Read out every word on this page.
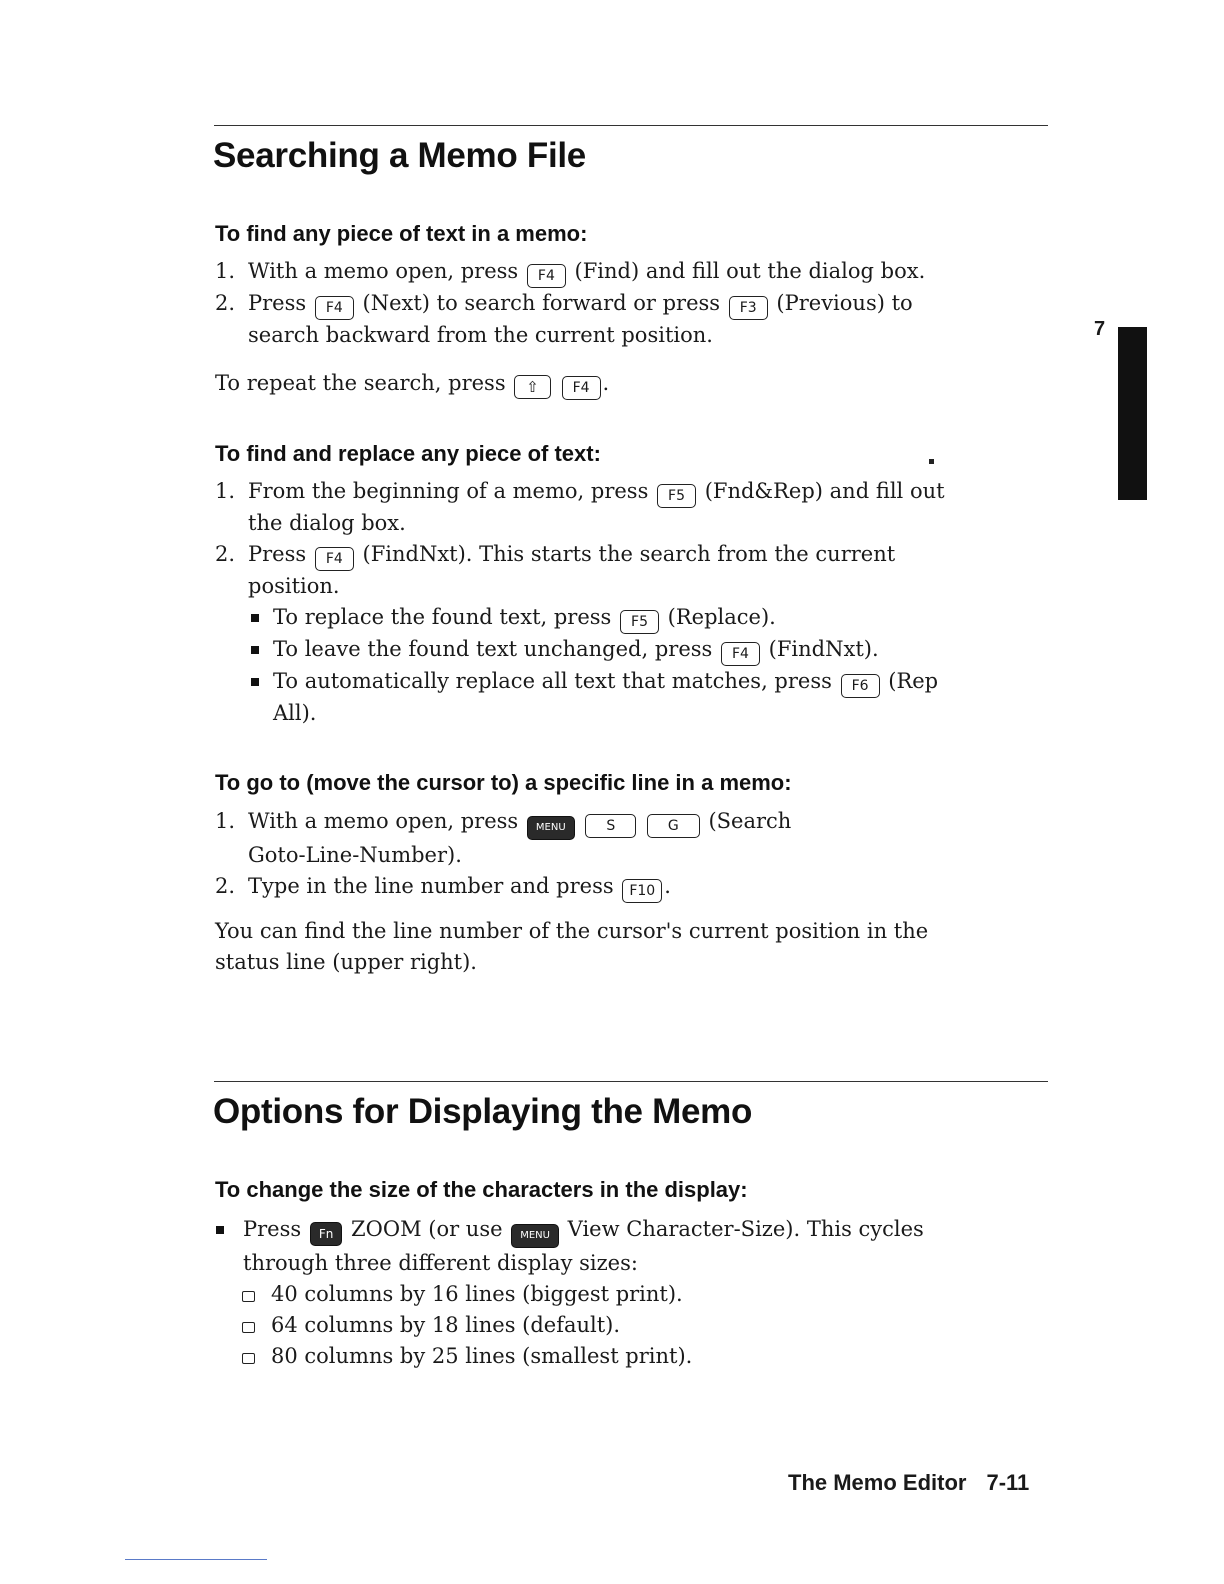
7
Searching a Memo File
To find any piece of text in a memo:
1. With a memo open, press F4 (Find) and fill out the dialog box.
2. Press F4 (Next) to search forward or press F3 (Previous) to
search backward from the current position.
To repeat the search, press ⇧ F4 .
To find and replace any piece of text:
1. From the beginning of a memo, press F5 (Fnd&Rep) and fill out
the dialog box.
2. Press F4 (FindNxt). This starts the search from the current
position.
To replace the found text, press F5 (Replace).
To leave the found text unchanged, press F4 (FindNxt).
To automatically replace all text that matches, press F6 (Rep
All).
To go to (move the cursor to) a specific line in a memo:
1. With a memo open, press MENU	S	G (Search
Goto-Line-Number).
2. Type in the line number and press F10 .
You can find the line number of the cursor's current position in the
status line (upper right).
Options for Displaying the Memo
To change the size of the characters in the display:
Press Fn ZOOM (or use MENU View Character-Size). This cycles
through three different display sizes:
40 columns by 16 lines (biggest print).
64 columns by 18 lines (default).
80 columns by 25 lines (smallest print).
The Memo Editor 7-11
